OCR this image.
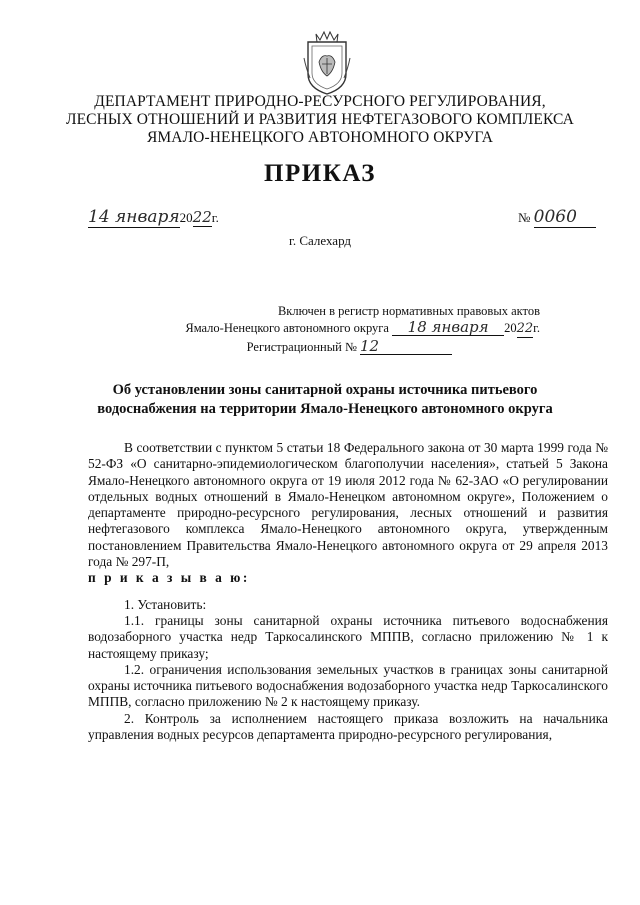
ДЕПАРТАМЕНТ ПРИРОДНО-РЕСУРСНОГО РЕГУЛИРОВАНИЯ,
ЛЕСНЫХ ОТНОШЕНИЙ И РАЗВИТИЯ НЕФТЕГАЗОВОГО КОМПЛЕКСА
ЯМАЛО-НЕНЕЦКОГО АВТОНОМНОГО ОКРУГА
ПРИКАЗ
14 января2022г.	№ 0060
г. Салехард
Включен в регистр нормативных правовых актов
Ямало-Ненецкого автономного округа 18 января 2022г.
Регистрационный № 12
Об установлении зоны санитарной охраны источника питьевого
водоснабжения на территории Ямало-Ненецкого автономного округа

В соответствии с пунктом 5 статьи 18 Федерального закона от 30 марта 1999 года № 52-ФЗ «О санитарно-эпидемиологическом благополучии населения», статьей 5 Закона Ямало-Ненецкого автономного округа от 19 июля 2012 года № 62-ЗАО «О регулировании отдельных водных отношений в Ямало-Ненецком автономном округе», Положением о департаменте природно-ресурсного регулирования, лесных отношений и развития нефтегазового комплекса Ямало-Ненецкого автономного округа, утвержденным постановлением Правительства Ямало-Ненецкого автономного округа от 29 апреля 2013 года № 297-П,

п р и к а з ы в а ю:

1. Установить:

1.1. границы зоны санитарной охраны источника питьевого водоснабжения водозаборного участка недр Таркосалинского МППВ, согласно приложению № 1 к настоящему приказу;

1.2. ограничения использования земельных участков в границах зоны санитарной охраны источника питьевого водоснабжения водозаборного участка недр Таркосалинского МППВ, согласно приложению № 2 к настоящему приказу.

2. Контроль за исполнением настоящего приказа возложить на начальника управления водных ресурсов департамента природно-ресурсного регулирования,
